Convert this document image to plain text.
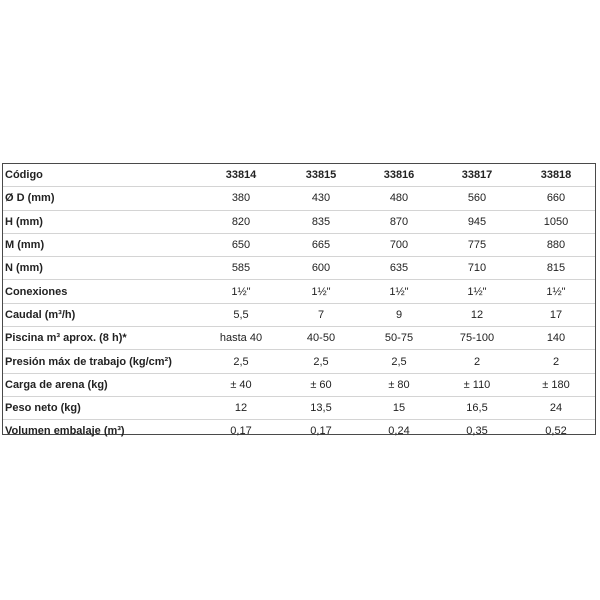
Código	33814	33815	33816	33817	33818
Ø D (mm)	380	430	480	560	660
H (mm)	820	835	870	945	1050
M (mm)	650	665	700	775	880
N (mm)	585	600	635	710	815
Conexiones	1½"	1½"	1½"	1½"	1½"
Caudal (m³/h)	5,5	7	9	12	17
Piscina m³ aprox. (8 h)*	hasta 40	40-50	50-75	75-100	140
Presión máx de trabajo (kg/cm²)	2,5	2,5	2,5	2	2
Carga de arena (kg)	± 40	± 60	± 80	± 110	± 180
Peso neto (kg)	12	13,5	15	16,5	24
Volumen embalaje (m³)	0,17	0,17	0,24	0,35	0,52
